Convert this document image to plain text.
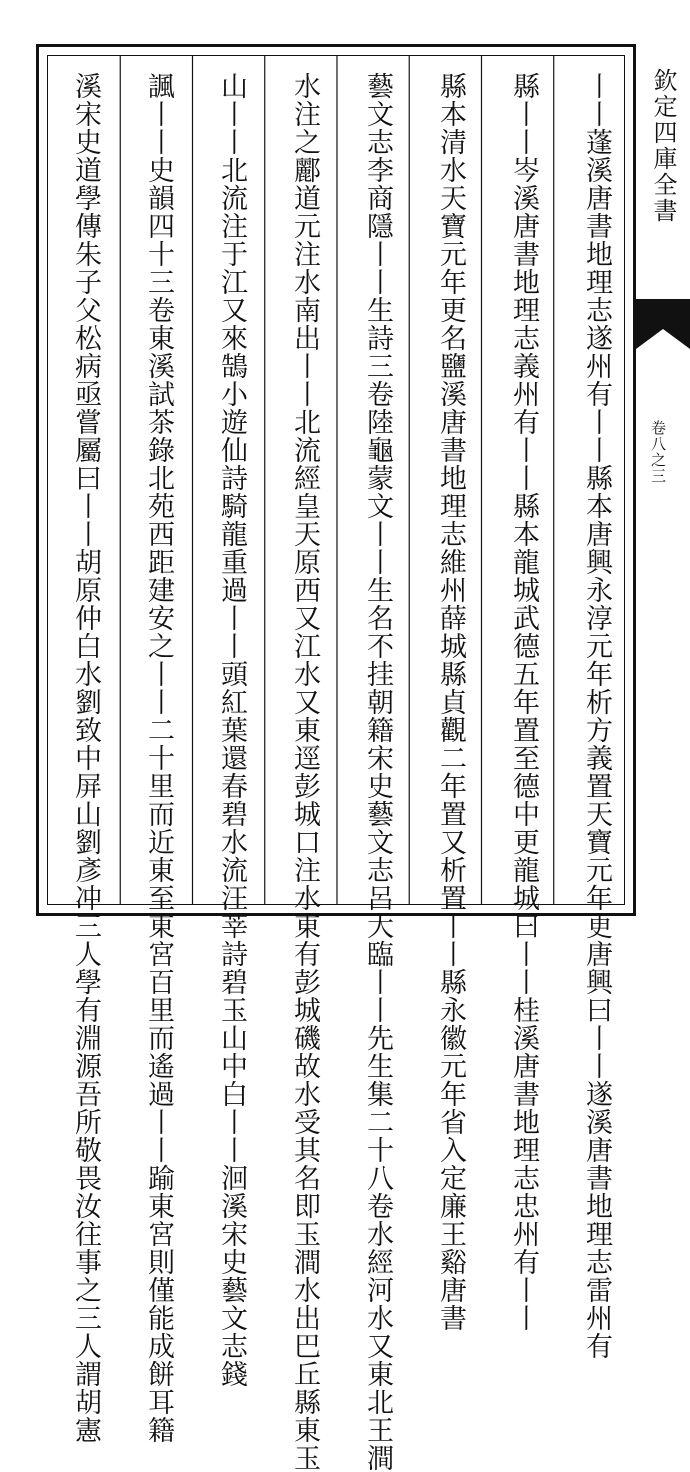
丨丨蓬溪唐書地理志遂州有丨丨縣本唐興永淳元年析方義置天寶元年更唐興曰丨丨遂溪唐書地理志雷州有
縣丨丨岑溪唐書地理志義州有丨丨縣本龍城武德五年置至德中更龍城曰丨丨桂溪唐書地理志忠州有丨丨
縣本清水天寶元年更名鹽溪唐書地理志維州薛城縣貞觀二年置又析置丨丨縣永徽元年省入定廉王谿唐書
藝文志李商隱丨丨生詩三卷陸龜蒙文丨丨生名不挂朝籍宋史藝文志呂大臨丨丨先生集二十八卷水經河水又東北王澗
水注之酈道元注水南出丨丨北流經皇天原西又江水又東逕彭城口注水東有彭城磯故水受其名即玉澗水出巴丘縣東玉
山丨丨北流注于江又來鵠小遊仙詩騎龍重過丨丨頭紅葉還春碧水流汪莘詩碧玉山中白丨丨洄溪宋史藝文志錢
諷丨丨史韻四十三卷東溪試茶錄北苑西距建安之丨丨二十里而近東至東宮百里而遙過丨丨踰東宮則僅能成餅耳籍
溪宋史道學傳朱子父松病亟嘗屬曰丨丨胡原仲白水劉致中屏山劉彥冲三人學有淵源吾所敬畏汝往事之三人謂胡憲	欽定四庫全書
卷八之三
